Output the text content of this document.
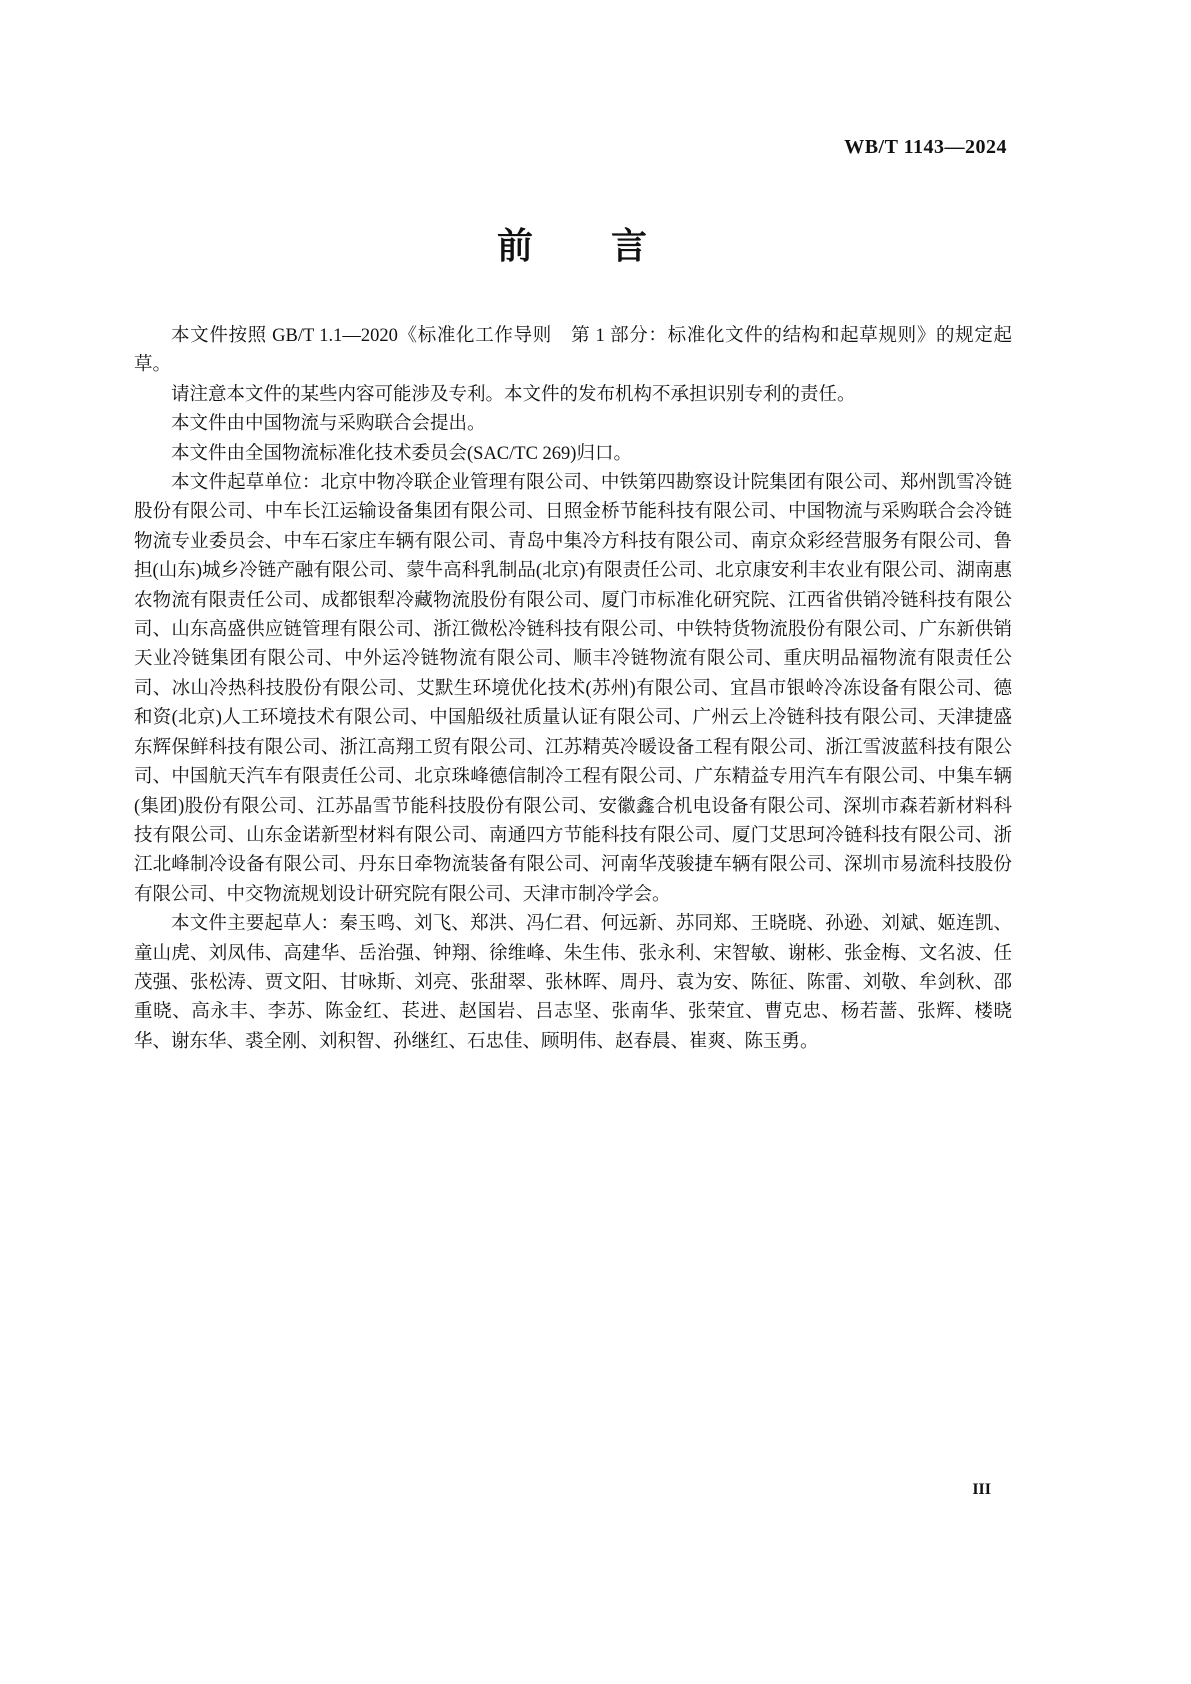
WB/T 1143—2024
前　　言

本文件按照 GB/T 1.1—2020《标准化工作导则　第 1 部分：标准化文件的结构和起草规则》的规定起草。

请注意本文件的某些内容可能涉及专利。本文件的发布机构不承担识别专利的责任。

本文件由中国物流与采购联合会提出。

本文件由全国物流标准化技术委员会(SAC/TC 269)归口。

本文件起草单位：北京中物冷联企业管理有限公司、中铁第四勘察设计院集团有限公司、郑州凯雪冷链股份有限公司、中车长江运输设备集团有限公司、日照金桥节能科技有限公司、中国物流与采购联合会冷链物流专业委员会、中车石家庄车辆有限公司、青岛中集冷方科技有限公司、南京众彩经营服务有限公司、鲁担(山东)城乡冷链产融有限公司、蒙牛高科乳制品(北京)有限责任公司、北京康安利丰农业有限公司、湖南惠农物流有限责任公司、成都银犁冷藏物流股份有限公司、厦门市标准化研究院、江西省供销冷链科技有限公司、山东高盛供应链管理有限公司、浙江微松冷链科技有限公司、中铁特货物流股份有限公司、广东新供销天业冷链集团有限公司、中外运冷链物流有限公司、顺丰冷链物流有限公司、重庆明品福物流有限责任公司、冰山冷热科技股份有限公司、艾默生环境优化技术(苏州)有限公司、宜昌市银岭冷冻设备有限公司、德和资(北京)人工环境技术有限公司、中国船级社质量认证有限公司、广州云上冷链科技有限公司、天津捷盛东辉保鲜科技有限公司、浙江高翔工贸有限公司、江苏精英冷暖设备工程有限公司、浙江雪波蓝科技有限公司、中国航天汽车有限责任公司、北京珠峰德信制冷工程有限公司、广东精益专用汽车有限公司、中集车辆(集团)股份有限公司、江苏晶雪节能科技股份有限公司、安徽鑫合机电设备有限公司、深圳市森若新材料科技有限公司、山东金诺新型材料有限公司、南通四方节能科技有限公司、厦门艾思珂冷链科技有限公司、浙江北峰制冷设备有限公司、丹东日牵物流装备有限公司、河南华茂骏捷车辆有限公司、深圳市易流科技股份有限公司、中交物流规划设计研究院有限公司、天津市制冷学会。

本文件主要起草人：秦玉鸣、刘飞、郑洪、冯仁君、何远新、苏同郑、王晓晓、孙逊、刘斌、姬连凯、童山虎、刘凤伟、高建华、岳治强、钟翔、徐维峰、朱生伟、张永利、宋智敏、谢彬、张金梅、文名波、任茂强、张松涛、贾文阳、甘咏斯、刘亮、张甜翠、张林晖、周丹、袁为安、陈征、陈雷、刘敬、牟剑秋、邵重晓、高永丰、李苏、陈金红、苌进、赵国岩、吕志坚、张南华、张荣宜、曹克忠、杨若蔷、张辉、楼晓华、谢东华、裘全刚、刘积智、孙继红、石忠佳、顾明伟、赵春晨、崔爽、陈玉勇。

III
